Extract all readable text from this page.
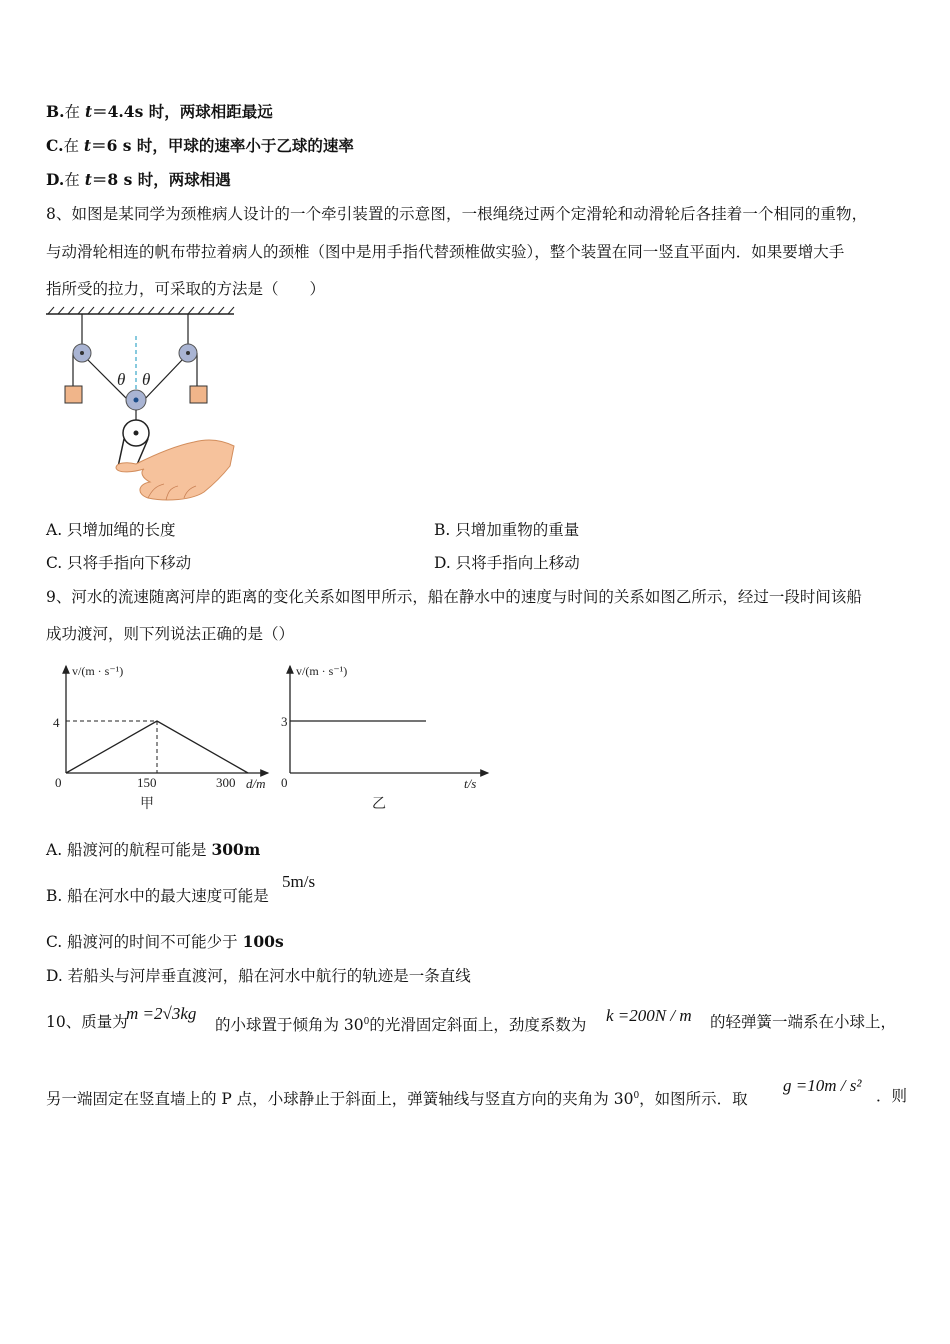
B.在 t＝4.4s 时，两球相距最远
C.在 t＝6 s 时，甲球的速率小于乙球的速率
D.在 t＝8 s 时，两球相遇
8、如图是某同学为颈椎病人设计的一个牵引装置的示意图，一根绳绕过两个定滑轮和动滑轮后各挂着一个相同的重物，
与动滑轮相连的帆布带拉着病人的颈椎（图中是用手指代替颈椎做实验），整个装置在同一竖直平面内．如果要增大手
指所受的拉力，可采取的方法是（　　）
θ θ
A. 只增加绳的长度	B. 只增加重物的重量
C. 只将手指向下移动	D. 只将手指向上移动
9、河水的流速随离河岸的距离的变化关系如图甲所示，船在静水中的速度与时间的关系如图乙所示，经过一段时间该船
成功渡河，则下列说法正确的是（）
v/(m · s⁻¹)
4
0	150	300 d/m
甲
v/(m · s⁻¹)
3
0	t/s
乙
A. 船渡河的航程可能是 300m
B. 船在河水中的最大速度可能是
5m/s
C. 船渡河的时间不可能少于 100s
D. 若船头与河岸垂直渡河，船在河水中航行的轨迹是一条直线
10、质量为
m =2√3kg
的小球置于倾角为 $30^0$的光滑固定斜面上，劲度系数为
k =200N / m 的轻弹簧一端系在小球上，
另一端固定在竖直墙上的 P 点，小球静止于斜面上，弹簧轴线与竖直方向的夹角为 $30^0$，如图所示．取
g =10m / s²
．则
